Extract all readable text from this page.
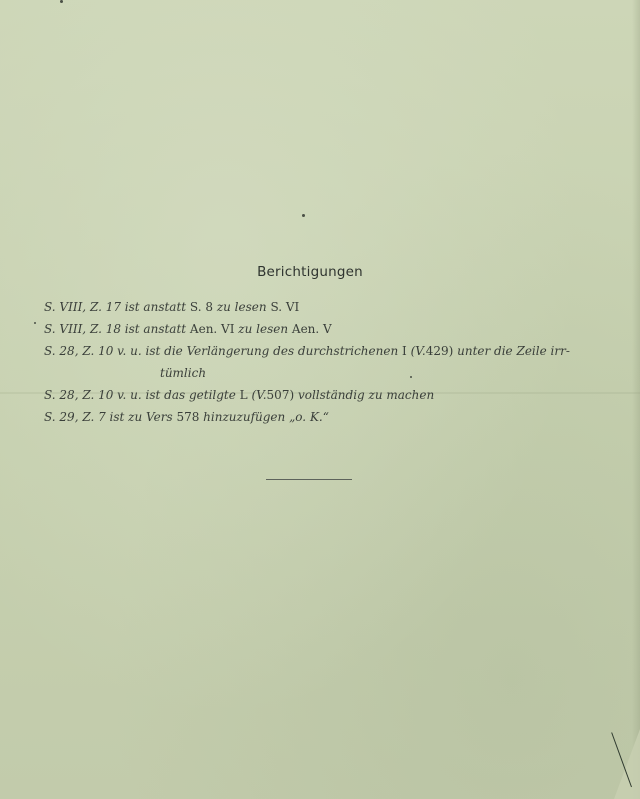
Berichtigungen
S. VIII, Z. 17 ist anstatt S. 8 zu lesen S. VI
S. VIII, Z. 18 ist anstatt Aen. VI zu lesen Aen. V
S. 28, Z. 10 v. u. ist die Verlängerung des durchstrichenen I (V.429) unter die Zeile irr-
tümlich
S. 28, Z. 10 v. u. ist das getilgte L (V.507) vollständig zu machen
S. 29, Z. 7 ist zu Vers 578 hinzuzufügen „o. K.“
